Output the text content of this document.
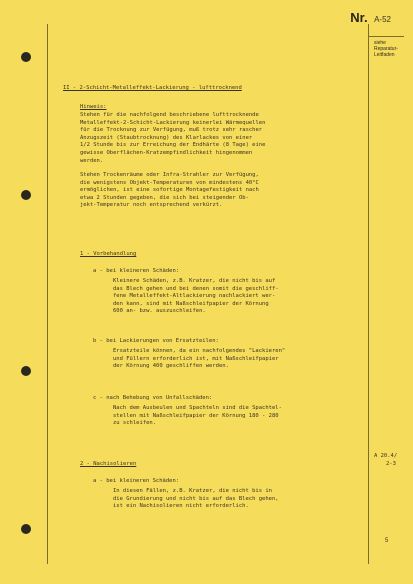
Nr. A-52
siehe
Reparatur-
Leitfaden
II - 2-Schicht-Metalleffekt-Lackierung - lufttrocknend
Hinweis:
Stehen für die nachfolgend beschriebene lufttrocknende
Metalleffekt-2-Schicht-Lackierung keinerlei Wärmequellen
für die Trocknung zur Verfügung, muß trotz sehr rascher
Anzugszeit (Staubtrocknung) des Klarlackes von einer
1/2 Stunde bis zur Erreichung der Endhärte (8 Tage) eine
gewisse Oberflächen-Kratzempfindlichkeit hingenommen
werden.
Stehen Trockenräume oder Infra-Strahler zur Verfügung,
die wenigstens Objekt-Temperaturen von mindestens 40°C
ermöglichen, ist eine sofortige Montagefestigkeit nach
etwa 2 Stunden gegeben, die sich bei steigender Ob-
jekt-Temperatur noch entsprechend verkürzt.
1 - Vorbehandlung
a - bei kleineren Schäden:
Kleinere Schäden, z.B. Kratzer, die nicht bis auf
das Blech gehen und bei denen somit die geschliff-
fene Metalleffekt-Altlackierung nachlackiert wer-
den kann, sind mit Naßschleifpapier der Körnung
600 an- bzw. auszuschleifen.
b - bei Lackierungen von Ersatzteilen:
Ersatzteile können, da ein nachfolgendes "Lackieren"
und Füllern erforderlich ist, mit Naßschleifpapier
der Körnung 400 geschliffen werden.
c - nach Behebung von Unfallschäden:
Nach dem Ausbeulen und Spachteln sind die Spachtel-
stellen mit Naßschleifpapier der Körnung 180 - 280
zu schleifen.
2 - Nachisolieren
a - bei kleineren Schäden:
In diesen Fällen, z.B. Kratzer, die nicht bis in
die Grundierung und nicht bis auf das Blech gehen,
ist ein Nachisolieren nicht erforderlich.
A 20.4/
2-3
5
